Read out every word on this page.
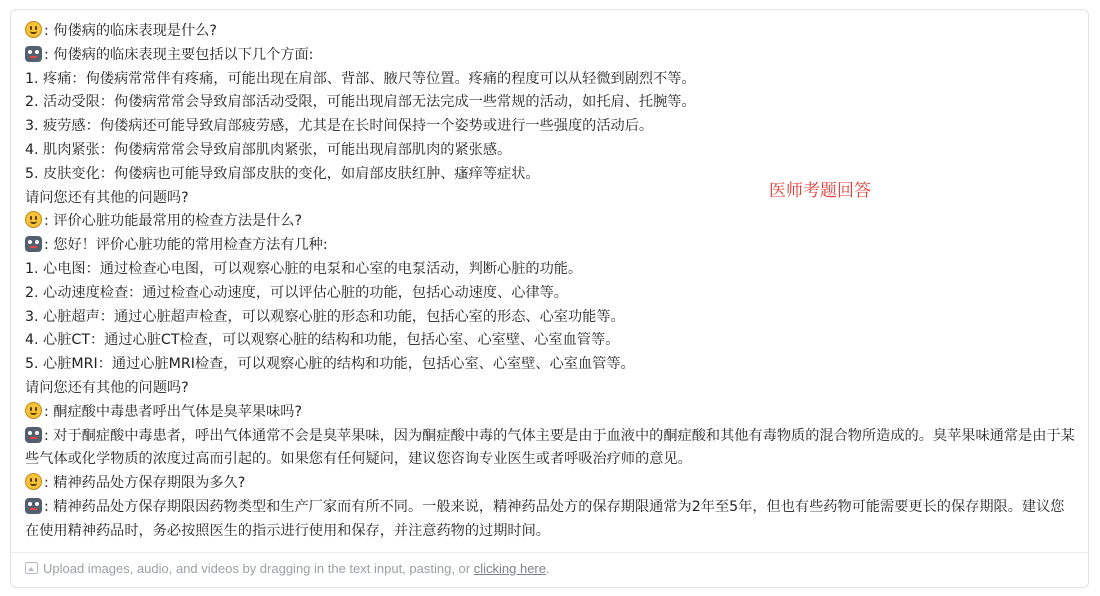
: 佝偻病的临床表现是什么?
: 佝偻病的临床表现主要包括以下几个方面:
1. 疼痛：佝偻病常常伴有疼痛，可能出现在肩部、背部、腋尺等位置。疼痛的程度可以从轻微到剧烈不等。
2. 活动受限：佝偻病常常会导致肩部活动受限，可能出现肩部无法完成一些常规的活动，如托肩、托腕等。
3. 疲劳感：佝偻病还可能导致肩部疲劳感，尤其是在长时间保持一个姿势或进行一些强度的活动后。
4. 肌肉紧张：佝偻病常常会导致肩部肌肉紧张，可能出现肩部肌肉的紧张感。
5. 皮肤变化：佝偻病也可能导致肩部皮肤的变化，如肩部皮肤红肿、瘙痒等症状。
请问您还有其他的问题吗?
: 评价心脏功能最常用的检查方法是什么?
: 您好！评价心脏功能的常用检查方法有几种:
1. 心电图：通过检查心电图，可以观察心脏的电泵和心室的电泵活动，判断心脏的功能。
2. 心动速度检查：通过检查心动速度，可以评估心脏的功能，包括心动速度、心律等。
3. 心脏超声：通过心脏超声检查，可以观察心脏的形态和功能，包括心室的形态、心室功能等。
4. 心脏CT：通过心脏CT检查，可以观察心脏的结构和功能，包括心室、心室壁、心室血管等。
5. 心脏MRI：通过心脏MRI检查，可以观察心脏的结构和功能，包括心室、心室壁、心室血管等。
请问您还有其他的问题吗?
: 酮症酸中毒患者呼出气体是臭苹果味吗?
: 对于酮症酸中毒患者，呼出气体通常不会是臭苹果味，因为酮症酸中毒的气体主要是由于血液中的酮症酸和其他有毒物质的混合物所造成的。臭苹果味通常是由于某些气体或化学物质的浓度过高而引起的。如果您有任何疑问，建议您咨询专业医生或者呼吸治疗师的意见。
: 精神药品处方保存期限为多久?
: 精神药品处方保存期限因药物类型和生产厂家而有所不同。一般来说，精神药品处方的保存期限通常为2年至5年，但也有些药物可能需要更长的保存期限。建议您在使用精神药品时，务必按照医生的指示进行使用和保存，并注意药物的过期时间。
医师考题回答
Upload images, audio, and videos by dragging in the text input, pasting, or clicking here.
